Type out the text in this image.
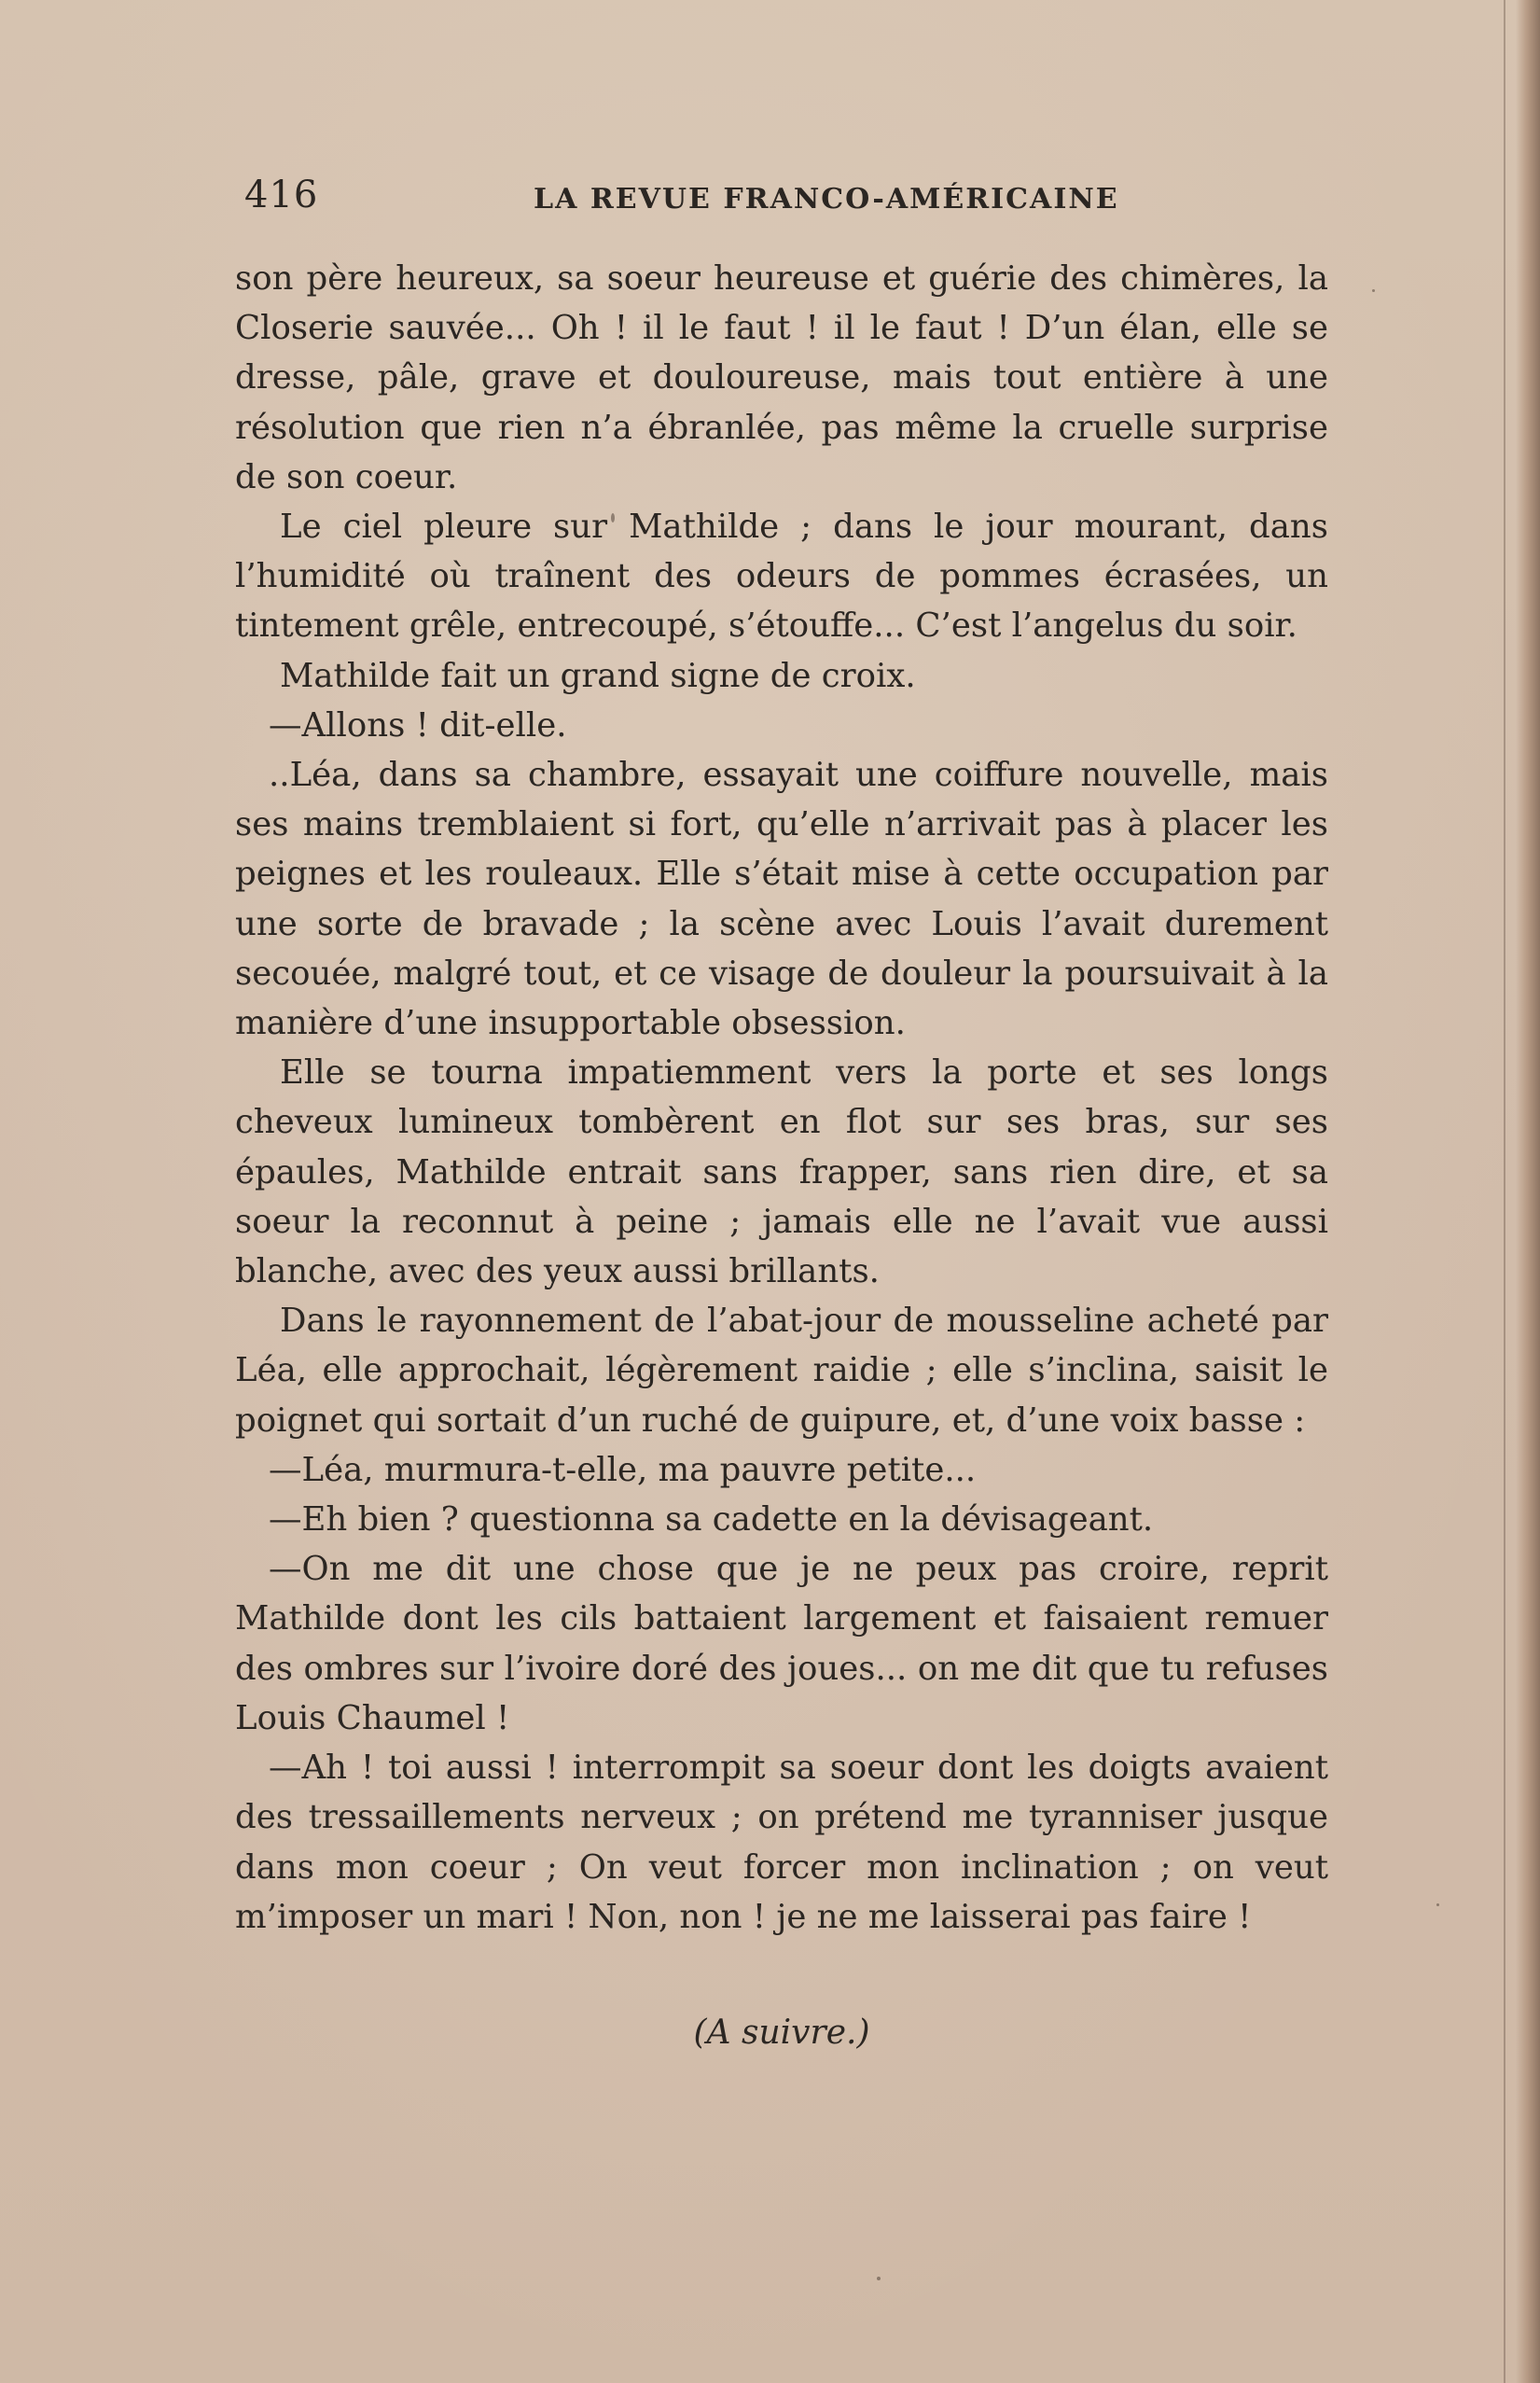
416	LA REVUE FRANCO-AMÉRICAINE

son père heureux, sa soeur heureuse et guérie des chimères, la Closerie sauvée... Oh ! il le faut ! il le faut ! D’un élan, elle se dresse, pâle, grave et douloureuse, mais tout entière à une résolution que rien n’a ébranlée, pas même la cruelle surprise de son coeur.

Le ciel pleure sur Mathilde ; dans le jour mourant, dans l’humidité où traînent des odeurs de pommes écrasées, un tintement grêle, entrecoupé, s’étouffe... C’est l’angelus du soir.

Mathilde fait un grand signe de croix.

—Allons ! dit-elle.

..Léa, dans sa chambre, essayait une coiffure nouvelle, mais ses mains tremblaient si fort, qu’elle n’arrivait pas à placer les peignes et les rouleaux. Elle s’était mise à cette occupation par une sorte de bravade ; la scène avec Louis l’avait durement secouée, malgré tout, et ce visage de douleur la poursuivait à la manière d’une insupportable obsession.

Elle se tourna impatiemment vers la porte et ses longs cheveux lumineux tombèrent en flot sur ses bras, sur ses épaules, Mathilde entrait sans frapper, sans rien dire, et sa soeur la reconnut à peine ; jamais elle ne l’avait vue aussi blanche, avec des yeux aussi brillants.

Dans le rayonnement de l’abat-jour de mousseline acheté par Léa, elle approchait, légèrement raidie ; elle s’inclina, saisit le poignet qui sortait d’un ruché de guipure, et, d’une voix basse :

—Léa, murmura-t-elle, ma pauvre petite...

—Eh bien ? questionna sa cadette en la dévisageant.

—On me dit une chose que je ne peux pas croire, reprit Mathilde dont les cils battaient largement et faisaient remuer des ombres sur l’ivoire doré des joues... on me dit que tu refuses Louis Chaumel !

—Ah ! toi aussi ! interrompit sa soeur dont les doigts avaient des tressaillements nerveux ; on prétend me tyranniser jusque dans mon coeur ; On veut forcer mon inclination ; on veut m’imposer un mari ! Non, non ! je ne me laisserai pas faire !

(A suivre.)
